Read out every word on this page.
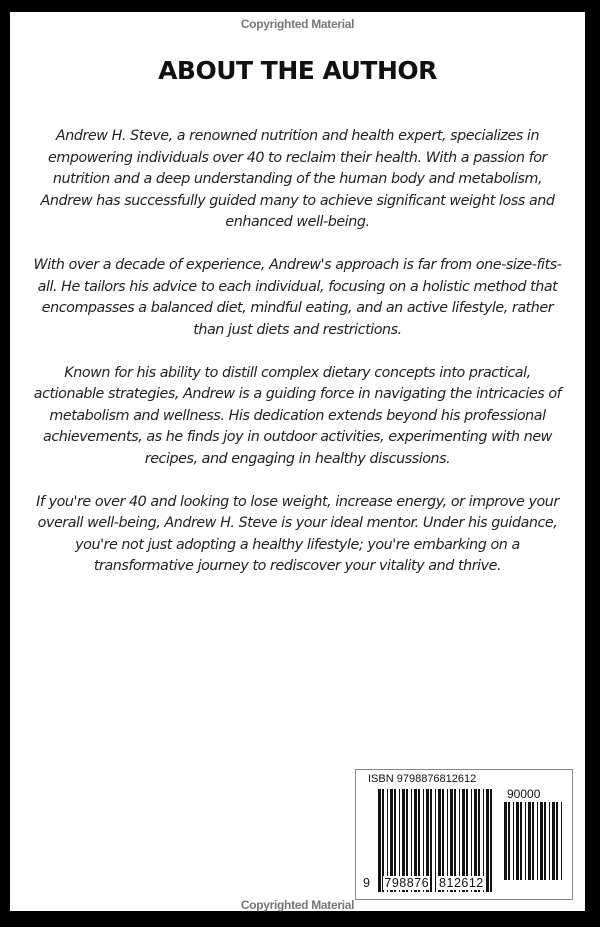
Copyrighted Material
ABOUT THE AUTHOR
Andrew H. Steve, a renowned nutrition and health expert, specializes in
empowering individuals over 40 to reclaim their health. With a passion for
nutrition and a deep understanding of the human body and metabolism,
Andrew has successfully guided many to achieve significant weight loss and
enhanced well-being.
With over a decade of experience, Andrew's approach is far from one-size-fits-
all. He tailors his advice to each individual, focusing on a holistic method that
encompasses a balanced diet, mindful eating, and an active lifestyle, rather
than just diets and restrictions.
Known for his ability to distill complex dietary concepts into practical,
actionable strategies, Andrew is a guiding force in navigating the intricacies of
metabolism and wellness. His dedication extends beyond his professional
achievements, as he finds joy in outdoor activities, experimenting with new
recipes, and engaging in healthy discussions.
If you're over 40 and looking to lose weight, increase energy, or improve your
overall well-being, Andrew H. Steve is your ideal mentor. Under his guidance,
you're not just adopting a healthy lifestyle; you're embarking on a
transformative journey to rediscover your vitality and thrive.
ISBN 9798876812612
90000
9 798876 812612
Copyrighted Material
